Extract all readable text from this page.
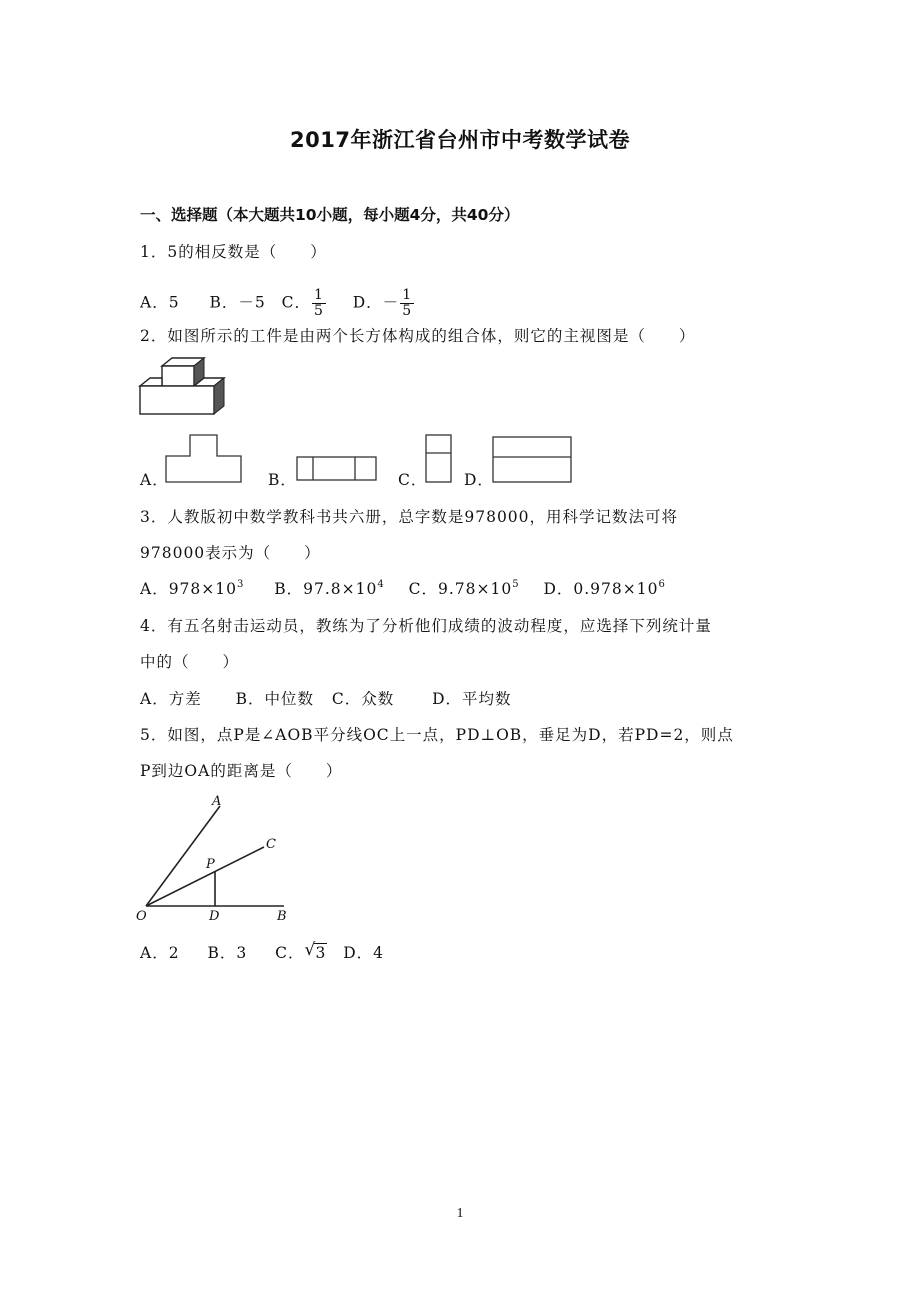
2017年浙江省台州市中考数学试卷
一、选择题（本大题共10小题，每小题4分，共40分）
1．5的相反数是（　　）
A．5 B．－5 C． $\frac{1}{5}$ D．－ $\frac{1}{5}$
2．如图所示的工件是由两个长方体构成的组合体，则它的主视图是（　　）
A．	B．	C． D．
3．人教版初中数学教科书共六册，总字数是978000，用科学记数法可将
978000表示为（　　）
A．$978\times 10^3$ B．$97.8\times 10^4$ C．$9.78\times 10^5$ D．$0.978\times 10^6$
4．有五名射击运动员，教练为了分析他们成绩的波动程度，应选择下列统计量
中的（　　）
A．方差 B．中位数 C．众数 D．平均数
5．如图，点P是∠AOB平分线OC上一点，PD⊥OB，垂足为D，若PD=2，则点
P到边OA的距离是（　　）
A
C
P
O	D	B
A．2 B．3 C． √ 3 D．4
1
